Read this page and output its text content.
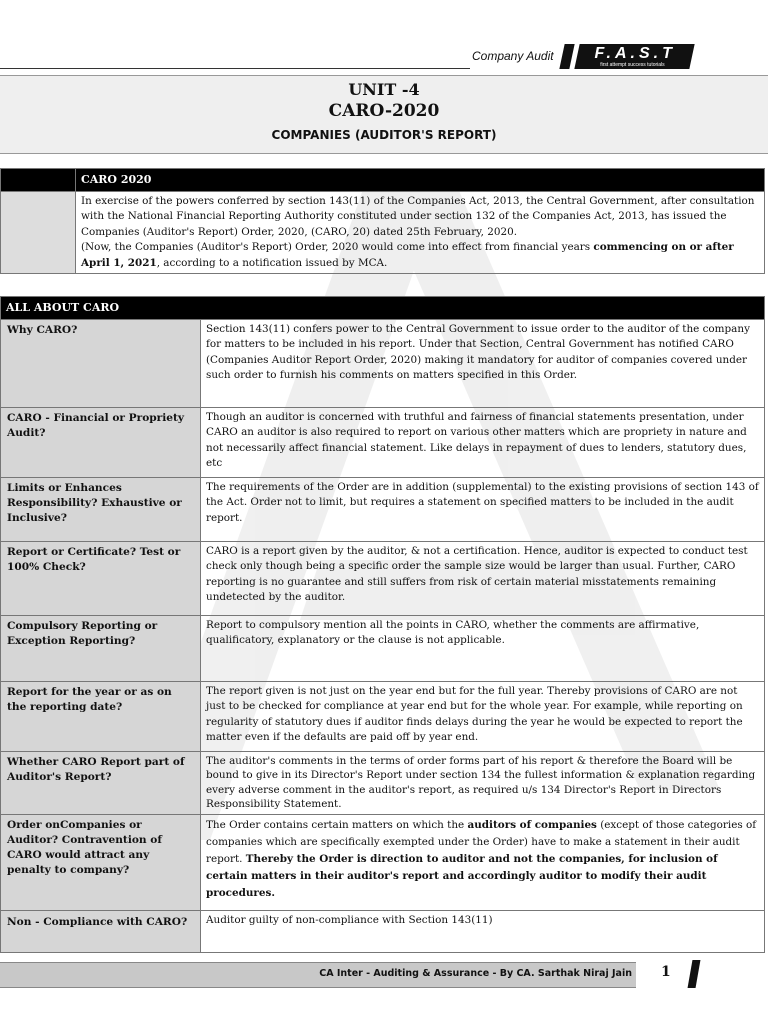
Company Audit	F.A.S.T
first attempt success tutorials
UNIT -4
CARO-2020
COMPANIES (AUDITOR'S REPORT)
	CARO 2020

	In exercise of the powers conferred by section 143(11) of the Companies Act, 2013, the Central Government, after consultation with the National Financial Reporting Authority constituted under section 132 of the Companies Act, 2013, has issued the Companies (Auditor's Report) Order, 2020, (CARO, 20) dated 25th February, 2020.
(Now, the Companies (Auditor's Report) Order, 2020 would come into effect from financial years commencing on or after April 1, 2021, according to a notification issued by MCA.
ALL ABOUT CARO	
Why CARO?	Section 143(11) confers power to the Central Government to issue order to the auditor of the company for matters to be included in his report. Under that Section, Central Government has notified CARO (Companies Auditor Report Order, 2020) making it mandatory for auditor of companies covered under such order to furnish his comments on matters specified in this Order.
CARO - Financial or Propriety Audit?	Though an auditor is concerned with truthful and fairness of financial statements presentation, under CARO an auditor is also required to report on various other matters which are propriety in nature and not necessarily affect financial statement. Like delays in repayment of dues to lenders, statutory dues, etc
Limits or Enhances Responsibility? Exhaustive or Inclusive?	The requirements of the Order are in addition (supplemental) to the existing provisions of section 143 of the Act. Order not to limit, but requires a statement on specified matters to be included in the audit report.
Report or Certificate? Test or 100% Check?	CARO is a report given by the auditor, & not a certification. Hence, auditor is expected to conduct test check only though being a specific order the sample size would be larger than usual. Further, CARO reporting is no guarantee and still suffers from risk of certain material misstatements remaining undetected by the auditor.
Compulsory Reporting or Exception Reporting?	Report to compulsory mention all the points in CARO, whether the comments are affirmative, qualificatory, explanatory or the clause is not applicable.
Report for the year or as on the reporting date?	The report given is not just on the year end but for the full year. Thereby provisions of CARO are not just to be checked for compliance at year end but for the whole year. For example, while reporting on regularity of statutory dues if auditor finds delays during the year he would be expected to report the matter even if the defaults are paid off by year end.
Whether CARO Report part of Auditor's Report?	The auditor's comments in the terms of order forms part of his report & therefore the Board will be bound to give in its Director's Report under section 134 the fullest information & explanation regarding every adverse comment in the auditor's report, as required u/s 134 Director's Report in Directors Responsibility Statement.
Order onCompanies or Auditor? Contravention of CARO would attract any penalty to company?	The Order contains certain matters on which the auditors of companies (except of those categories of companies which are specifically exempted under the Order) have to make a statement in their audit report. Thereby the Order is direction to auditor and not the companies, for inclusion of certain matters in their auditor's report and accordingly auditor to modify their audit procedures.
Non - Compliance with CARO?	Auditor guilty of non-compliance with Section 143(11)
CA Inter - Auditing & Assurance - By CA. Sarthak Niraj Jain 1
